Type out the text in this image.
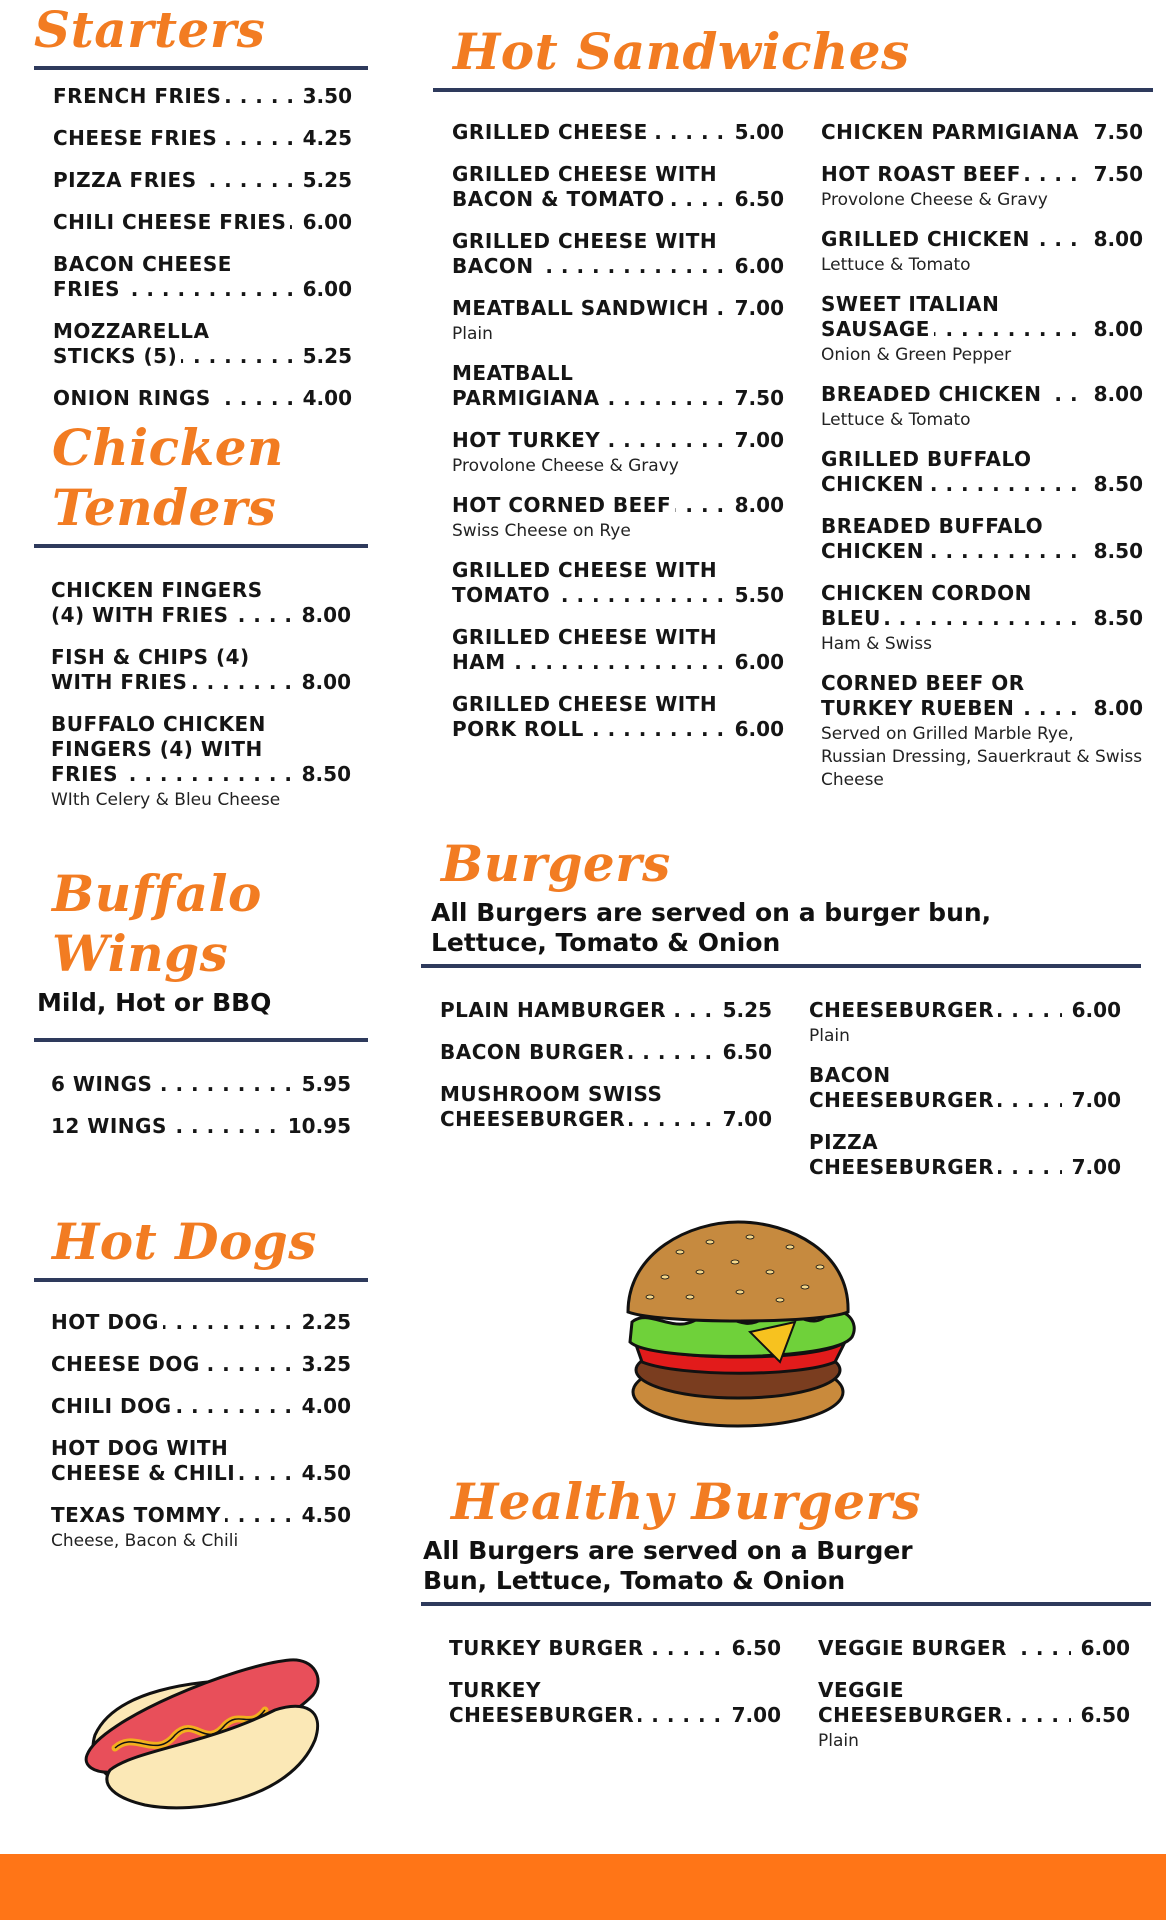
Starters
FRENCH FRIES . . .	3.50
CHEESE FRIES . . .	4.25
PIZZA FRIES . . .	5.25
CHILI CHEESE FRIES . . . 6.00
BACON CHEESE FRIES . . .	6.00
MOZZARELLA STICKS (5) . . .	5.25
ONION RINGS . . .	4.00
Chicken
Tenders
CHICKEN FINGERS (4) WITH FRIES . . .	8.00
FISH & CHIPS (4) WITH FRIES . . .	8.00
BUFFALO CHICKEN FINGERS (4) WITH FRIES . . .	8.50
WIth Celery & Bleu Cheese
Buffalo
Wings

Mild, Hot or BBQ

6 WINGS . . .	5.95
12 WINGS . . .	10.95
Hot Dogs
HOT DOG . . .	2.25
CHEESE DOG . . .	3.25
CHILI DOG . . .	4.00
HOT DOG WITH CHEESE & CHILI . . .	4.50
TEXAS TOMMY . . .	4.50
Cheese, Bacon & Chili
Hot Sandwiches
GRILLED CHEESE . . .	5.00
GRILLED CHEESE WITH BACON & TOMATO . . .	6.50
GRILLED CHEESE WITH BACON . . .	6.00
MEATBALL SANDWICH . . .	7.00
Plain
MEATBALL PARMIGIANA . . .	7.50
HOT TURKEY . . .	7.00
Provolone Cheese & Gravy
HOT CORNED BEEF . . .	8.00
Swiss Cheese on Rye
GRILLED CHEESE WITH TOMATO . . .	5.50
GRILLED CHEESE WITH HAM . . .	6.00
GRILLED CHEESE WITH PORK ROLL . . .	6.00
CHICKEN PARMIGIANA . . . 7.50
HOT ROAST BEEF . . .	7.50
Provolone Cheese & Gravy
GRILLED CHICKEN . . .	8.00
Lettuce & Tomato
SWEET ITALIAN SAUSAGE . . .	8.00
Onion & Green Pepper
BREADED CHICKEN . . .	8.00
Lettuce & Tomato
GRILLED BUFFALO CHICKEN . . .	8.50
BREADED BUFFALO CHICKEN . . .	8.50
CHICKEN CORDON BLEU . . .	8.50
Ham & Swiss
CORNED BEEF OR TURKEY RUEBEN . . .	8.00
Served on Grilled Marble Rye, Russian Dressing, Sauerkraut & Swiss Cheese
Burgers

All Burgers are served on a burger bun, Lettuce, Tomato & Onion

PLAIN HAMBURGER . . .	5.25
BACON BURGER . . .	6.50
MUSHROOM SWISS CHEESEBURGER . . .	7.00
CHEESEBURGER . . .	6.00
Plain
BACON CHEESEBURGER . . .	7.00
PIZZA CHEESEBURGER . . .	7.00
Healthy Burgers

All Burgers are served on a Burger Bun, Lettuce, Tomato & Onion

TURKEY BURGER . . .	6.50
TURKEY CHEESEBURGER . . .	7.00
VEGGIE BURGER . . .	6.00
VEGGIE CHEESEBURGER . . .	6.50
Plain
